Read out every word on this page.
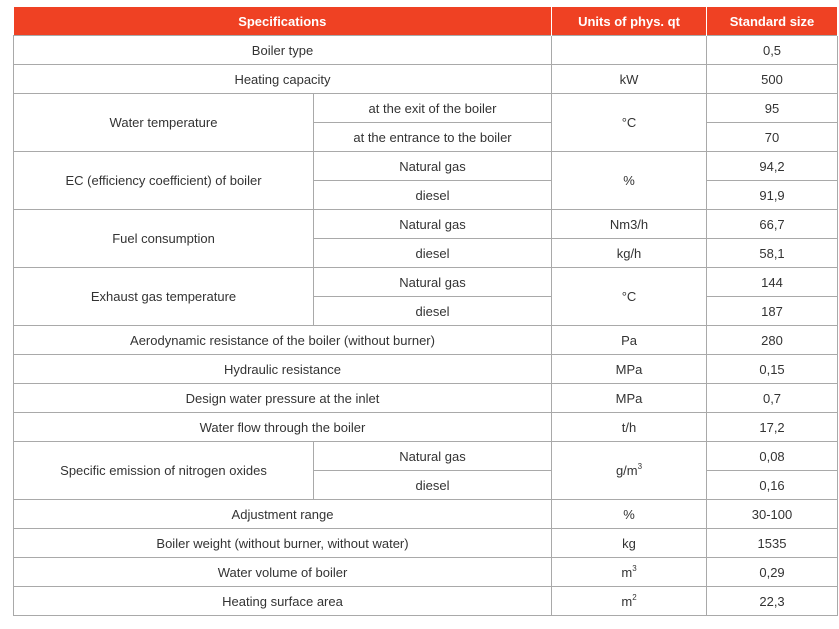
Specifications		Units of phys. qt	Standard size
Boiler type			0,5
Heating capacity		kW	500
Water temperature	at the exit of the boiler	°C	95
	at the entrance to the boiler		70
EC (efficiency coefficient) of boiler	Natural gas	%	94,2
	diesel		91,9
Fuel consumption	Natural gas	Nm3/h	66,7
	diesel	kg/h	58,1
Exhaust gas temperature	Natural gas	°C	144
	diesel		187
Aerodynamic resistance of the boiler (without burner)		Pa	280
Hydraulic resistance		MPa	0,15
Design water pressure at the inlet		MPa	0,7
Water flow through the boiler		t/h	17,2
Specific emission of nitrogen oxides	Natural gas	$g/m^3$	0,08
	diesel		0,16
Adjustment range		%	30-100
Boiler weight (without burner, without water)		kg	1535
Water volume of boiler		$m^3$	0,29
Heating surface area		$m^2$	22,3
